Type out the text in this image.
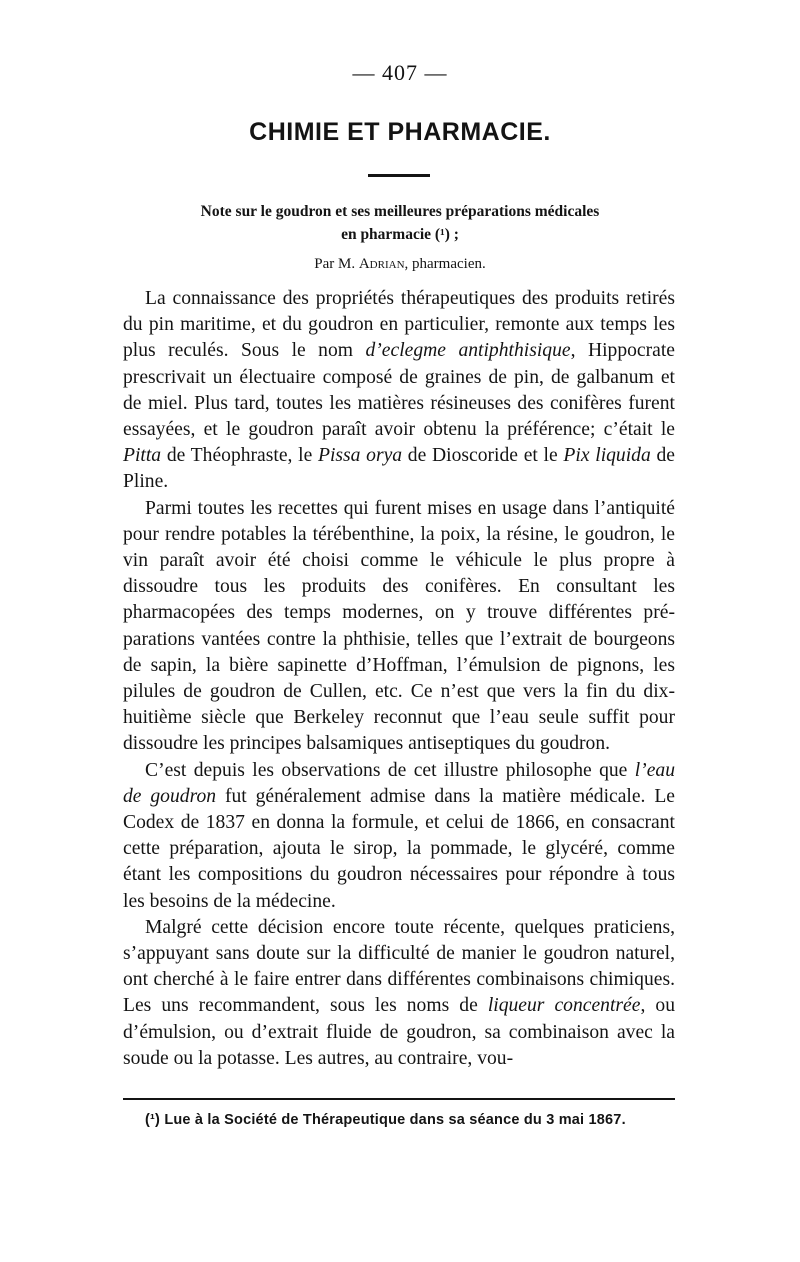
— 407 —
CHIMIE ET PHARMACIE.
Note sur le goudron et ses meilleures préparations médicales
en pharmacie (¹) ;
Par M. Adrian, pharmacien.

La connaissance des propriétés thérapeutiques des produits retirés du pin maritime, et du goudron en particulier, remonte aux temps les plus reculés. Sous le nom d’eclegme antiphthisique, Hippocrate prescrivait un électuaire composé de graines de pin, de galbanum et de miel. Plus tard, toutes les matières résineuses des conifères furent essayées, et le goudron paraît avoir obtenu la préférence; c’était le Pitta de Théophraste, le Pissa orya de Dioscoride et le Pix liquida de Pline.

Parmi toutes les recettes qui furent mises en usage dans l’antiquité pour rendre potables la térébenthine, la poix, la résine, le goudron, le vin paraît avoir été choisi comme le véhicule le plus propre à dissoudre tous les produits des conifères. En consultant les pharmacopées des temps modernes, on y trouve différentes préparations vantées contre la phthisie, telles que l’extrait de bourgeons de sapin, la bière sapinette d’Hoffman, l’émulsion de pignons, les pilules de goudron de Cullen, etc. Ce n’est que vers la fin du dix-huitième siècle que Berkeley reconnut que l’eau seule suffit pour dissoudre les principes balsamiques antiseptiques du goudron.

C’est depuis les observations de cet illustre philosophe que l’eau de goudron fut généralement admise dans la matière médicale. Le Codex de 1837 en donna la formule, et celui de 1866, en consacrant cette préparation, ajouta le sirop, la pommade, le glycéré, comme étant les compositions du goudron nécessaires pour répondre à tous les besoins de la médecine.

Malgré cette décision encore toute récente, quelques praticiens, s’appuyant sans doute sur la difficulté de manier le goudron naturel, ont cherché à le faire entrer dans différentes combinaisons chimiques. Les uns recommandent, sous les noms de liqueur concentrée, ou d’émulsion, ou d’extrait fluide de goudron, sa combinaison avec la soude ou la potasse. Les autres, au contraire, vou-

(¹) Lue à la Société de Thérapeutique dans sa séance du 3 mai 1867.
